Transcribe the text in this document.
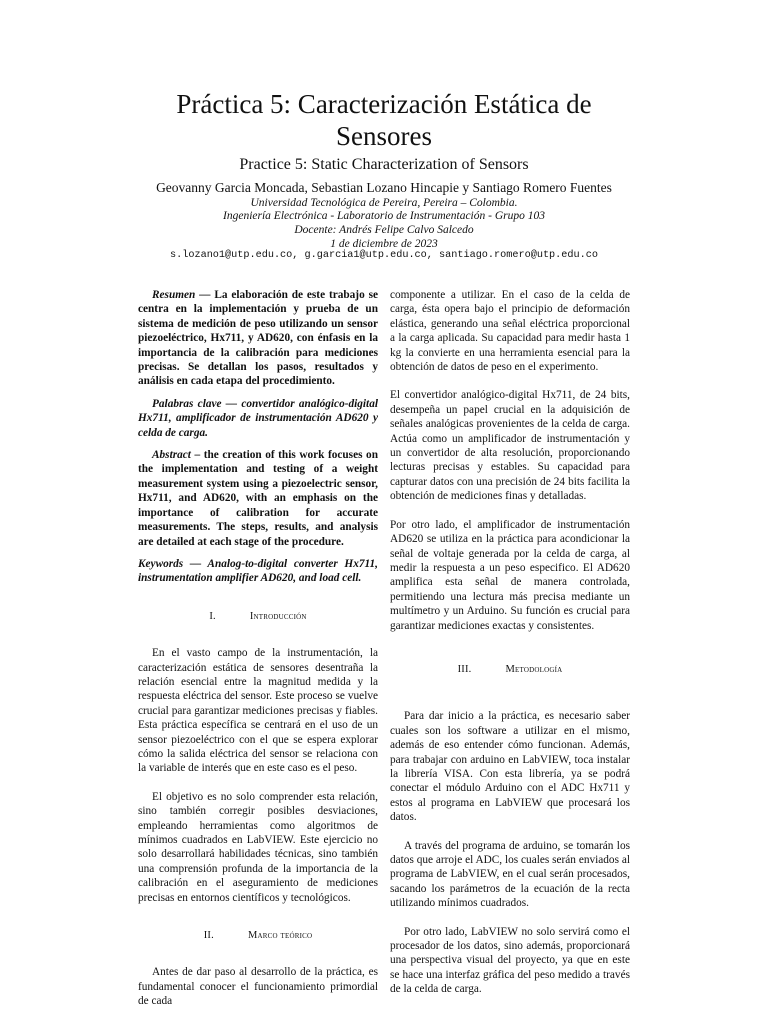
Práctica 5: Caracterización Estática de
Sensores
Practice 5: Static Characterization of Sensors
Geovanny Garcia Moncada, Sebastian Lozano Hincapie y Santiago Romero Fuentes
Universidad Tecnológica de Pereira, Pereira – Colombia.
Ingeniería Electrónica - Laboratorio de Instrumentación - Grupo 103
Docente: Andrés Felipe Calvo Salcedo
1 de diciembre de 2023
s.lozano1@utp.edu.co, g.garcia1@utp.edu.co, santiago.romero@utp.edu.co

Resumen — La elaboración de este trabajo se centra en la implementación y prueba de un sistema de medición de peso utilizando un sensor piezoeléctrico, Hx711, y AD620, con énfasis en la importancia de la calibración para mediciones precisas. Se detallan los pasos, resultados y análisis en cada etapa del procedimiento.

Palabras clave — convertidor analógico-digital Hx711, amplificador de instrumentación AD620 y celda de carga.

Abstract – the creation of this work focuses on the implementation and testing of a weight measurement system using a piezoelectric sensor, Hx711, and AD620, with an emphasis on the importance of calibration for accurate measurements. The steps, results, and analysis are detailed at each stage of the procedure.

Keywords — Analog-to-digital converter Hx711, instrumentation amplifier AD620, and load cell.

I.	Introducción

En el vasto campo de la instrumentación, la caracterización estática de sensores desentraña la relación esencial entre la magnitud medida y la respuesta eléctrica del sensor. Este proceso se vuelve crucial para garantizar mediciones precisas y fiables. Esta práctica específica se centrará en el uso de un sensor piezoeléctrico con el que se espera explorar cómo la salida eléctrica del sensor se relaciona con la variable de interés que en este caso es el peso.

El objetivo es no solo comprender esta relación, sino también corregir posibles desviaciones, empleando herramientas como algoritmos de mínimos cuadrados en LabVIEW. Este ejercicio no solo desarrollará habilidades técnicas, sino también una comprensión profunda de la importancia de la calibración en el aseguramiento de mediciones precisas en entornos científicos y tecnológicos.

II.	Marco teórico

Antes de dar paso al desarrollo de la práctica, es fundamental conocer el funcionamiento primordial de cada

componente a utilizar. En el caso de la celda de carga, ésta opera bajo el principio de deformación elástica, generando una señal eléctrica proporcional a la carga aplicada. Su capacidad para medir hasta 1 kg la convierte en una herramienta esencial para la obtención de datos de peso en el experimento.

El convertidor analógico-digital Hx711, de 24 bits, desempeña un papel crucial en la adquisición de señales analógicas provenientes de la celda de carga. Actúa como un amplificador de instrumentación y un convertidor de alta resolución, proporcionando lecturas precisas y estables. Su capacidad para capturar datos con una precisión de 24 bits facilita la obtención de mediciones finas y detalladas.

Por otro lado, el amplificador de instrumentación AD620 se utiliza en la práctica para acondicionar la señal de voltaje generada por la celda de carga, al medir la respuesta a un peso especifico. El AD620 amplifica esta señal de manera controlada, permitiendo una lectura más precisa mediante un multímetro y un Arduino. Su función es crucial para garantizar mediciones exactas y consistentes.

III.	Metodología

Para dar inicio a la práctica, es necesario saber cuales son los software a utilizar en el mismo, además de eso entender cómo funcionan. Además, para trabajar con arduino en LabVIEW, toca instalar la librería VISA. Con esta librería, ya se podrá conectar el módulo Arduino con el ADC Hx711 y estos al programa en LabVIEW que procesará los datos.

A través del programa de arduino, se tomarán los datos que arroje el ADC, los cuales serán enviados al programa de LabVIEW, en el cual serán procesados, sacando los parámetros de la ecuación de la recta utilizando mínimos cuadrados.

Por otro lado, LabVIEW no solo servirá como el procesador de los datos, sino además, proporcionará una perspectiva visual del proyecto, ya que en este se hace una interfaz gráfica del peso medido a través de la celda de carga.
